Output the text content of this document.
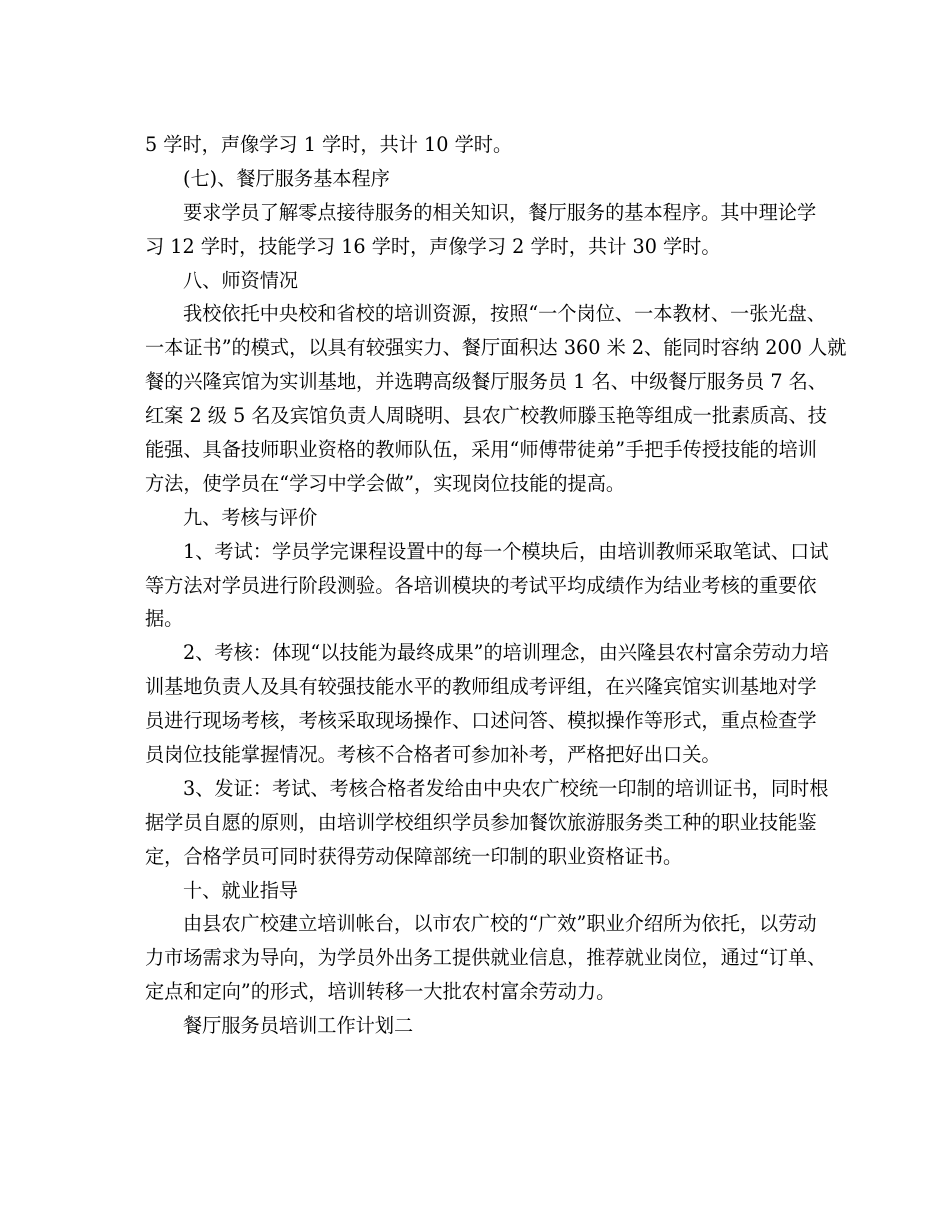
5 学时，声像学习 1 学时，共计 10 学时。
(七)、餐厅服务基本程序
要求学员了解零点接待服务的相关知识，餐厅服务的基本程序。其中理论学
习 12 学时，技能学习 16 学时，声像学习 2 学时，共计 30 学时。
八、师资情况
我校依托中央校和省校的培训资源，按照“一个岗位、一本教材、一张光盘、
一本证书”的模式，以具有较强实力、餐厅面积达 360 米 2、能同时容纳 200 人就
餐的兴隆宾馆为实训基地，并选聘高级餐厅服务员 1 名、中级餐厅服务员 7 名、
红案 2 级 5 名及宾馆负责人周晓明、县农广校教师滕玉艳等组成一批素质高、技
能强、具备技师职业资格的教师队伍，采用“师傅带徒弟”手把手传授技能的培训
方法，使学员在“学习中学会做”，实现岗位技能的提高。
九、考核与评价
1、考试：学员学完课程设置中的每一个模块后，由培训教师采取笔试、口试
等方法对学员进行阶段测验。各培训模块的考试平均成绩作为结业考核的重要依
据。
2、考核：体现“以技能为最终成果”的培训理念，由兴隆县农村富余劳动力培
训基地负责人及具有较强技能水平的教师组成考评组，在兴隆宾馆实训基地对学
员进行现场考核，考核采取现场操作、口述问答、模拟操作等形式，重点检查学
员岗位技能掌握情况。考核不合格者可参加补考，严格把好出口关。
3、发证：考试、考核合格者发给由中央农广校统一印制的培训证书，同时根
据学员自愿的原则，由培训学校组织学员参加餐饮旅游服务类工种的职业技能鉴
定，合格学员可同时获得劳动保障部统一印制的职业资格证书。
十、就业指导
由县农广校建立培训帐台，以市农广校的“广效”职业介绍所为依托，以劳动
力市场需求为导向，为学员外出务工提供就业信息，推荐就业岗位，通过“订单、
定点和定向”的形式，培训转移一大批农村富余劳动力。
餐厅服务员培训工作计划二
